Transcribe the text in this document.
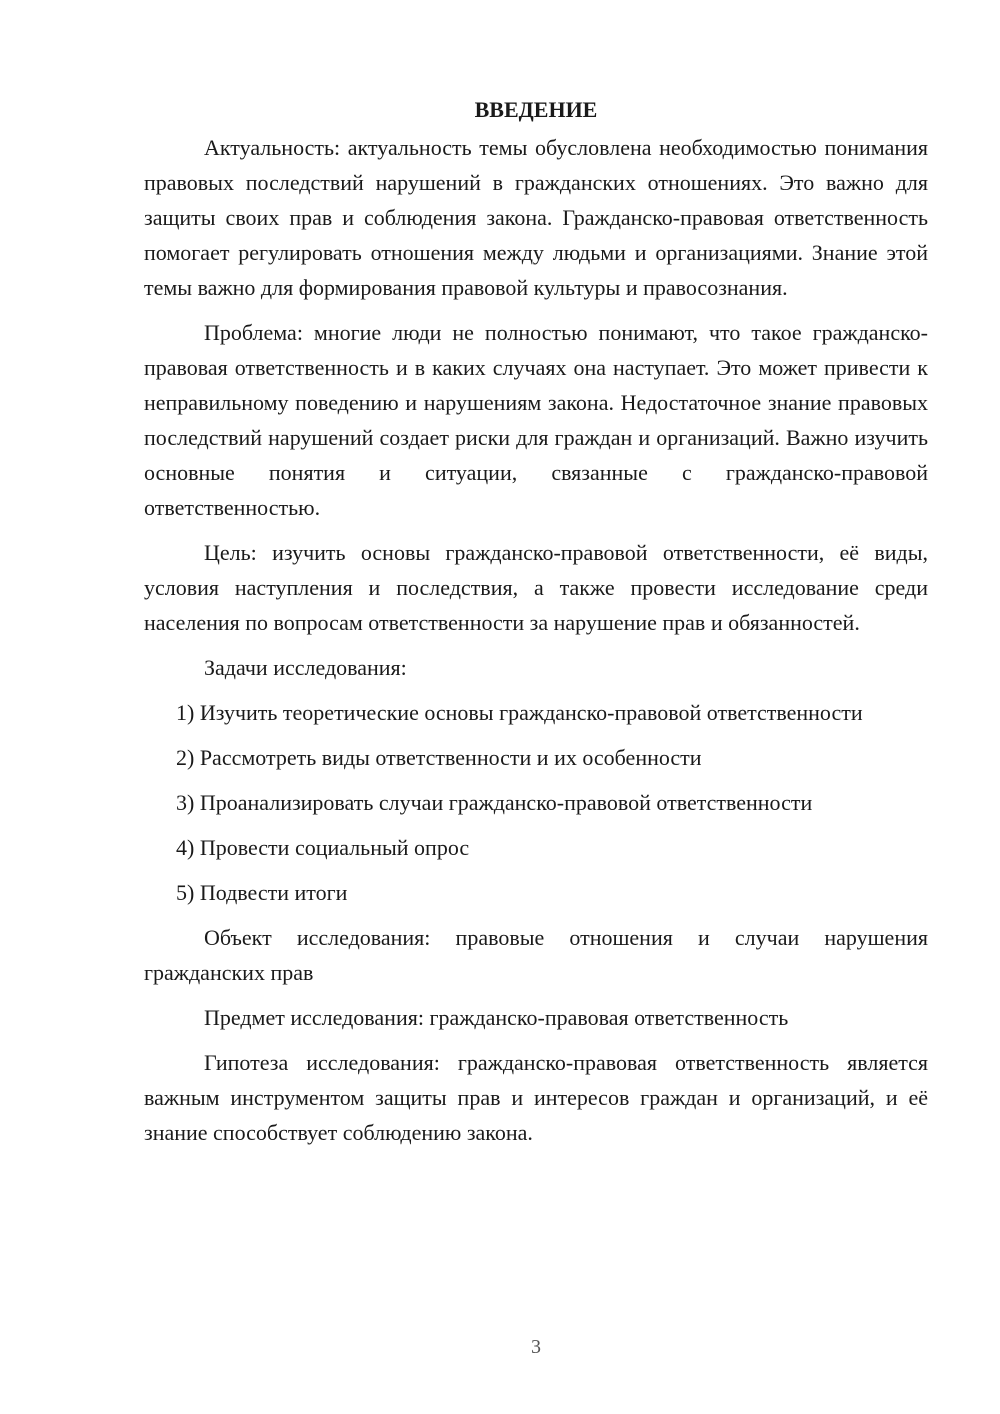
ВВЕДЕНИЕ

Актуальность: актуальность темы обусловлена необходимостью понимания правовых последствий нарушений в гражданских отношениях. Это важно для защиты своих прав и соблюдения закона. Гражданско-правовая ответственность помогает регулировать отношения между людьми и организациями. Знание этой темы важно для формирования правовой культуры и правосознания.

Проблема: многие люди не полностью понимают, что такое гражданско-правовая ответственность и в каких случаях она наступает. Это может привести к неправильному поведению и нарушениям закона. Недостаточное знание правовых последствий нарушений создает риски для граждан и организаций. Важно изучить основные понятия и ситуации, связанные с гражданско-правовой ответственностью.

Цель: изучить основы гражданско-правовой ответственности, её виды, условия наступления и последствия, а также провести исследование среди населения по вопросам ответственности за нарушение прав и обязанностей.

Задачи исследования:

1) Изучить теоретические основы гражданско-правовой ответственности

2) Рассмотреть виды ответственности и их особенности

3) Проанализировать случаи гражданско-правовой ответственности

4) Провести социальный опрос

5) Подвести итоги

Объект исследования: правовые отношения и случаи нарушения гражданских прав

Предмет исследования: гражданско-правовая ответственность

Гипотеза исследования: гражданско-правовая ответственность является важным инструментом защиты прав и интересов граждан и организаций, и её знание способствует соблюдению закона.

3
